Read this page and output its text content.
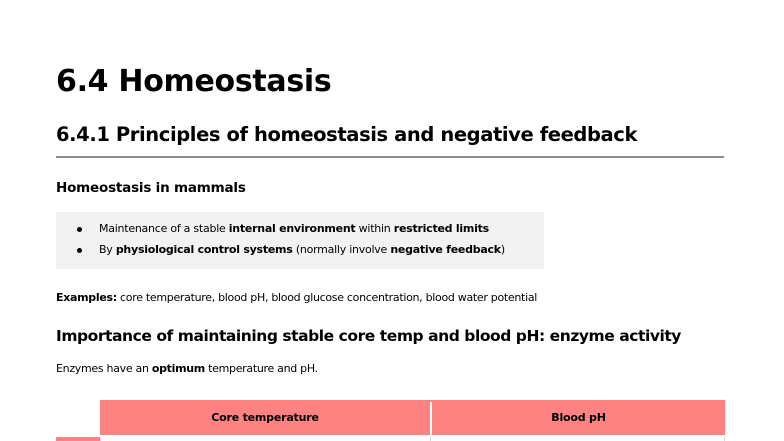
6.4 Homeostasis
6.4.1 Principles of homeostasis and negative feedback
Homeostasis in mammals
Maintenance of a stable internal environment within restricted limits
By physiological control systems (normally involve negative feedback)
Examples: core temperature, blood pH, blood glucose concentration, blood water potential
Importance of maintaining stable core temp and blood pH: enzyme activity
Enzymes have an optimum temperature and pH.
Core temperature	Blood pH
